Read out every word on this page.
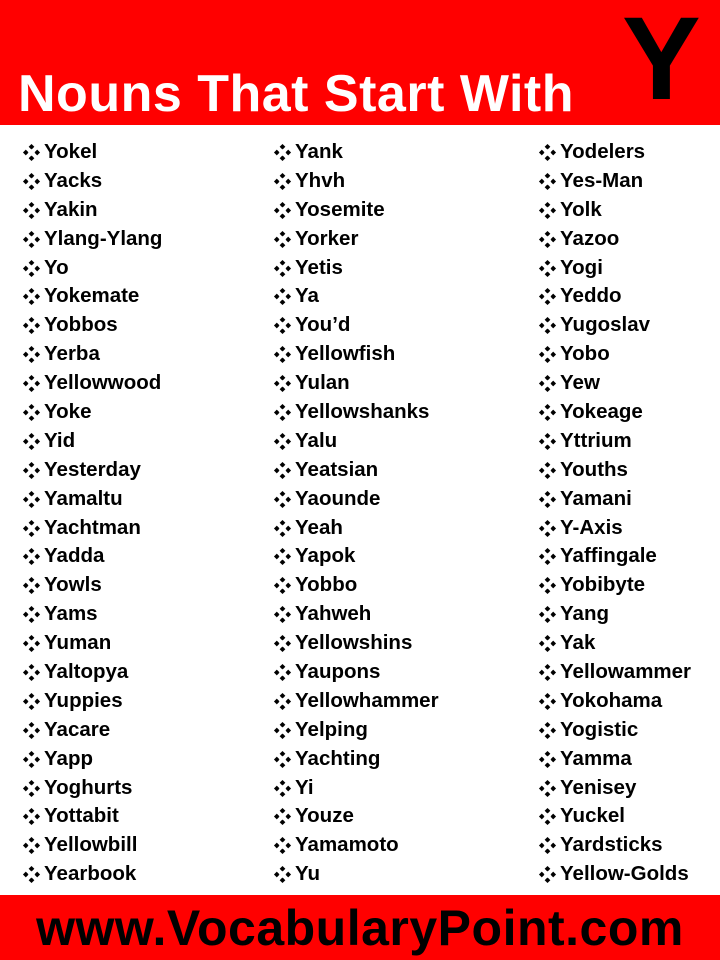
Nouns That Start With Y
Yokel
Yacks
Yakin
Ylang-Ylang
Yo
Yokemate
Yobbos
Yerba
Yellowwood
Yoke
Yid
Yesterday
Yamaltu
Yachtman
Yadda
Yowls
Yams
Yuman
Yaltopya
Yuppies
Yacare
Yapp
Yoghurts
Yottabit
Yellowbill
Yearbook
Yank
Yhvh
Yosemite
Yorker
Yetis
Ya
You’d
Yellowfish
Yulan
Yellowshanks
Yalu
Yeatsian
Yaounde
Yeah
Yapok
Yobbo
Yahweh
Yellowshins
Yaupons
Yellowhammer
Yelping
Yachting
Yi
Youze
Yamamoto
Yu
Yodelers
Yes-Man
Yolk
Yazoo
Yogi
Yeddo
Yugoslav
Yobo
Yew
Yokeage
Yttrium
Youths
Yamani
Y-Axis
Yaffingale
Yobibyte
Yang
Yak
Yellowammer
Yokohama
Yogistic
Yamma
Yenisey
Yuckel
Yardsticks
Yellow-Golds
www.VocabularyPoint.com
